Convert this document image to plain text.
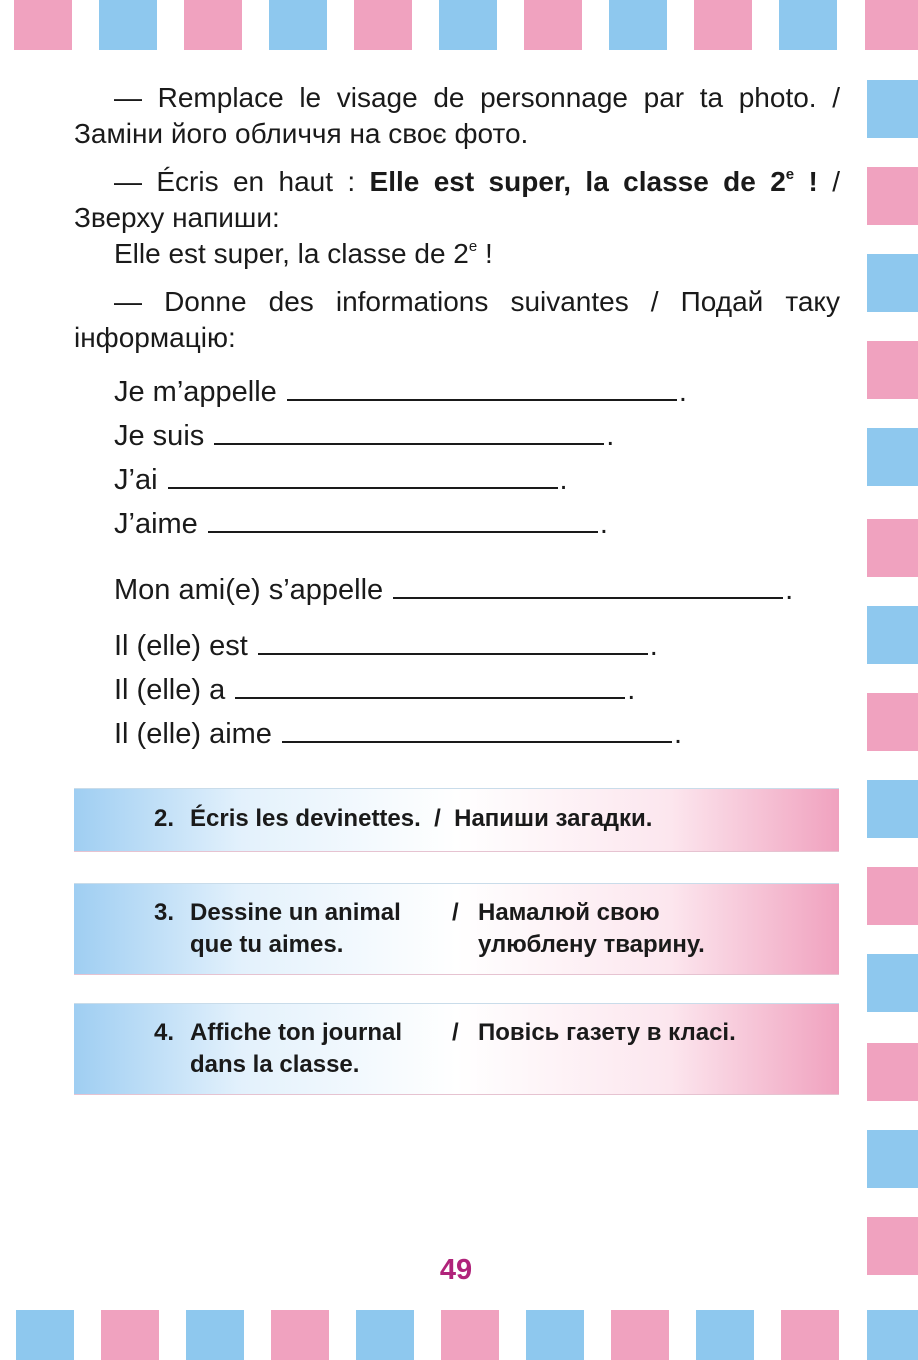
— Remplace le visage de personnage par ta photo. / Заміни його обличчя на своє фото.

— Écris en haut : Elle est super, la classe de 2e ! / Зверху напиши:

Elle est super, la classe de 2e !

— Donne des informations suivantes / Подай таку інформацію:

Je m’appelle	.
Je suis	.
J’ai	.
J’aime	.
Mon ami(e) s’appelle	.
Il (elle) est	.
Il (elle) a	.
Il (elle) aime	.
2. Écris les devinettes.  /  Напиши загадки.
3. Dessine un animal
que tu aimes.
/ Намалюй свою
улюблену тварину.
4. Affiche ton journal
dans la classe.
/ Повісь газету в класі.
49
